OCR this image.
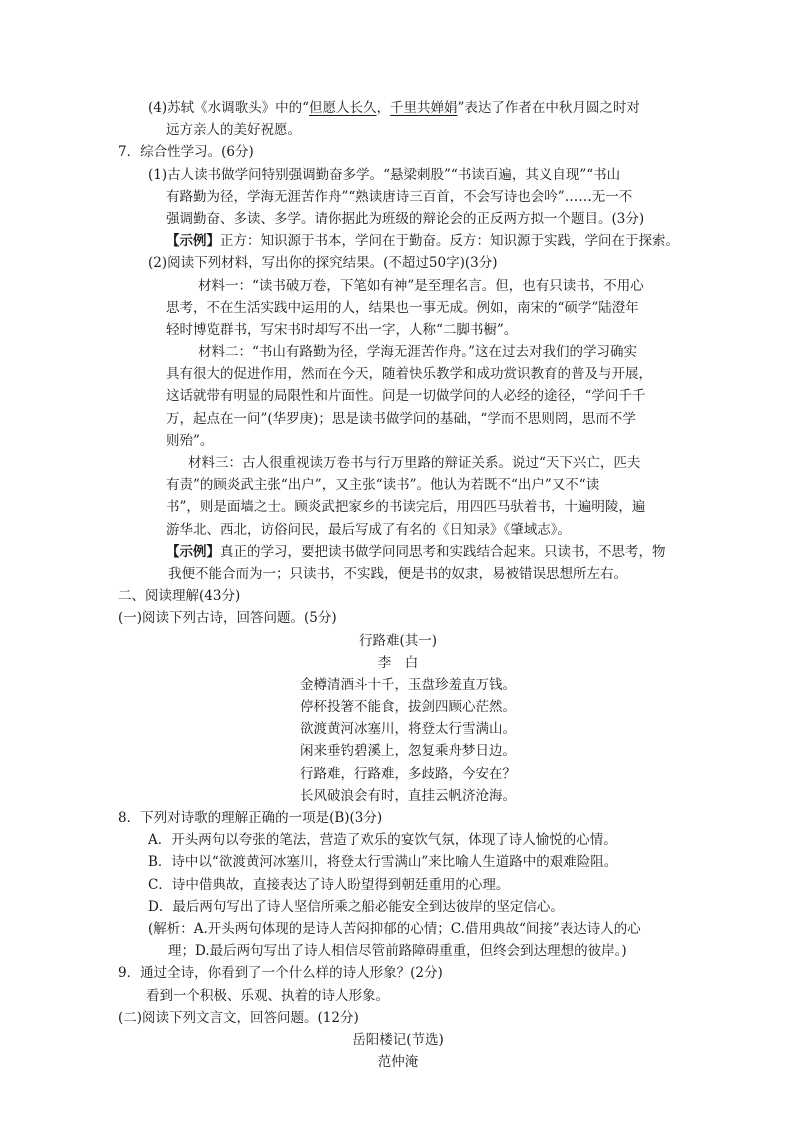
(4)苏轼《水调歌头》中的“但愿人长久，千里共婵娟”表达了作者在中秋月圆之时对
远方亲人的美好祝愿。
7．综合性学习。(6分)
(1)古人读书做学问特别强调勤奋多学。“悬梁刺股”“书读百遍，其义自现”“书山
有路勤为径，学海无涯苦作舟”“熟读唐诗三百首，不会写诗也会吟”……无一不
强调勤奋、多读、多学。请你据此为班级的辩论会的正反两方拟一个题目。(3分)
【示例】正方：知识源于书本，学问在于勤奋。反方：知识源于实践，学问在于探索。
(2)阅读下列材料，写出你的探究结果。(不超过50字)(3分)
材料一：“读书破万卷，下笔如有神”是至理名言。但，也有只读书，不用心
思考，不在生活实践中运用的人，结果也一事无成。例如，南宋的“硕学”陆澄年
轻时博览群书，写宋书时却写不出一字，人称“二脚书橱”。
材料二：“书山有路勤为径，学海无涯苦作舟。”这在过去对我们的学习确实
具有很大的促进作用，然而在今天，随着快乐教学和成功赏识教育的普及与开展，
这话就带有明显的局限性和片面性。问是一切做学问的人必经的途径，“学问千千
万，起点在一问”(华罗庚)；思是读书做学问的基础，“学而不思则罔，思而不学
则殆”。
材料三：古人很重视读万卷书与行万里路的辩证关系。说过“天下兴亡，匹夫
有责”的顾炎武主张“出户”，又主张“读书”。他认为若既不“出户”又不“读
书”，则是面墙之士。顾炎武把家乡的书读完后，用四匹马驮着书，十遍明陵，遍
游华北、西北，访俗问民，最后写成了有名的《日知录》《肇域志》。
【示例】真正的学习，要把读书做学问同思考和实践结合起来。只读书，不思考，物
我便不能合而为一；只读书，不实践，便是书的奴隶，易被错误思想所左右。
二、阅读理解(43分)
(一)阅读下列古诗，回答问题。(5分)
行路难(其一)
李　白
金樽清酒斗十千，玉盘珍羞直万钱。
停杯投箸不能食，拔剑四顾心茫然。
欲渡黄河冰塞川，将登太行雪满山。
闲来垂钓碧溪上，忽复乘舟梦日边。
行路难，行路难，多歧路，今安在？
长风破浪会有时，直挂云帆济沧海。
8．下列对诗歌的理解正确的一项是(B)(3分)
A．开头两句以夸张的笔法，营造了欢乐的宴饮气氛，体现了诗人愉悦的心情。
B．诗中以“欲渡黄河冰塞川，将登太行雪满山”来比喻人生道路中的艰难险阻。
C．诗中借典故，直接表达了诗人盼望得到朝廷重用的心理。
D．最后两句写出了诗人坚信所乘之船必能安全到达彼岸的坚定信心。
(解析：A.开头两句体现的是诗人苦闷抑郁的心情；C.借用典故“间接”表达诗人的心
理；D.最后两句写出了诗人相信尽管前路障碍重重，但终会到达理想的彼岸。)
9．通过全诗，你看到了一个什么样的诗人形象？(2分)
看到一个积极、乐观、执着的诗人形象。
(二)阅读下列文言文，回答问题。(12分)
岳阳楼记(节选)
范仲淹
